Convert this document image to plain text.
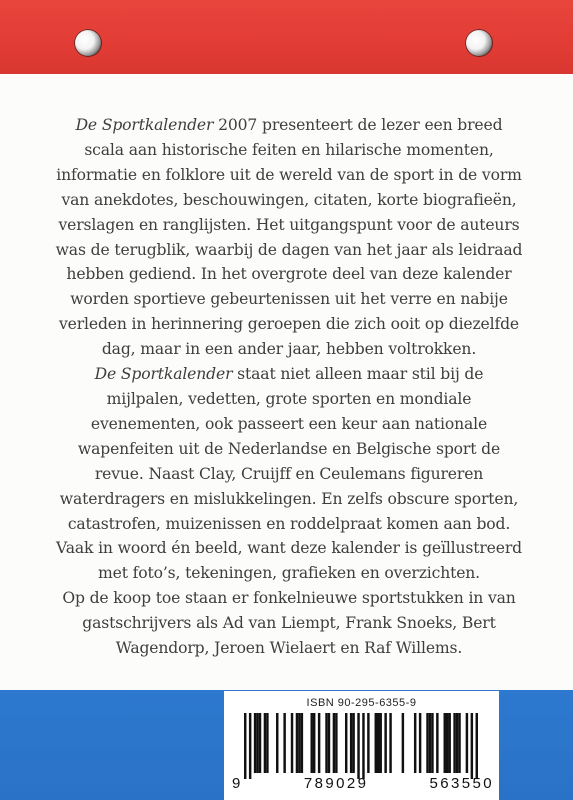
De Sportkalender 2007 presenteert de lezer een breed scala aan historische feiten en hilarische momenten, informatie en folklore uit de wereld van de sport in de vorm van anekdotes, beschouwingen, citaten, korte biografieën, verslagen en ranglijsten. Het uitgangspunt voor de auteurs was de terugblik, waarbij de dagen van het jaar als leidraad hebben gediend. In het overgrote deel van deze kalender worden sportieve gebeurtenissen uit het verre en nabije verleden in herinnering geroepen die zich ooit op diezelfde dag, maar in een ander jaar, hebben voltrokken.

De Sportkalender staat niet alleen maar stil bij de mijlpalen, vedetten, grote sporten en mondiale evenementen, ook passeert een keur aan nationale wapenfeiten uit de Nederlandse en Belgische sport de revue. Naast Clay, Cruijff en Ceulemans figureren waterdragers en mislukkelingen. En zelfs obscure sporten, catastrofen, muizenissen en roddelpraat komen aan bod. Vaak in woord én beeld, want deze kalender is geïllustreerd met foto’s, tekeningen, grafieken en overzichten.

Op de koop toe staan er fonkelnieuwe sportstukken in van gastschrijvers als Ad van Liempt, Frank Snoeks, Bert Wagendorp, Jeroen Wielaert en Raf Willems.

ISBN 90-295-6355-9
9	789029	563550
